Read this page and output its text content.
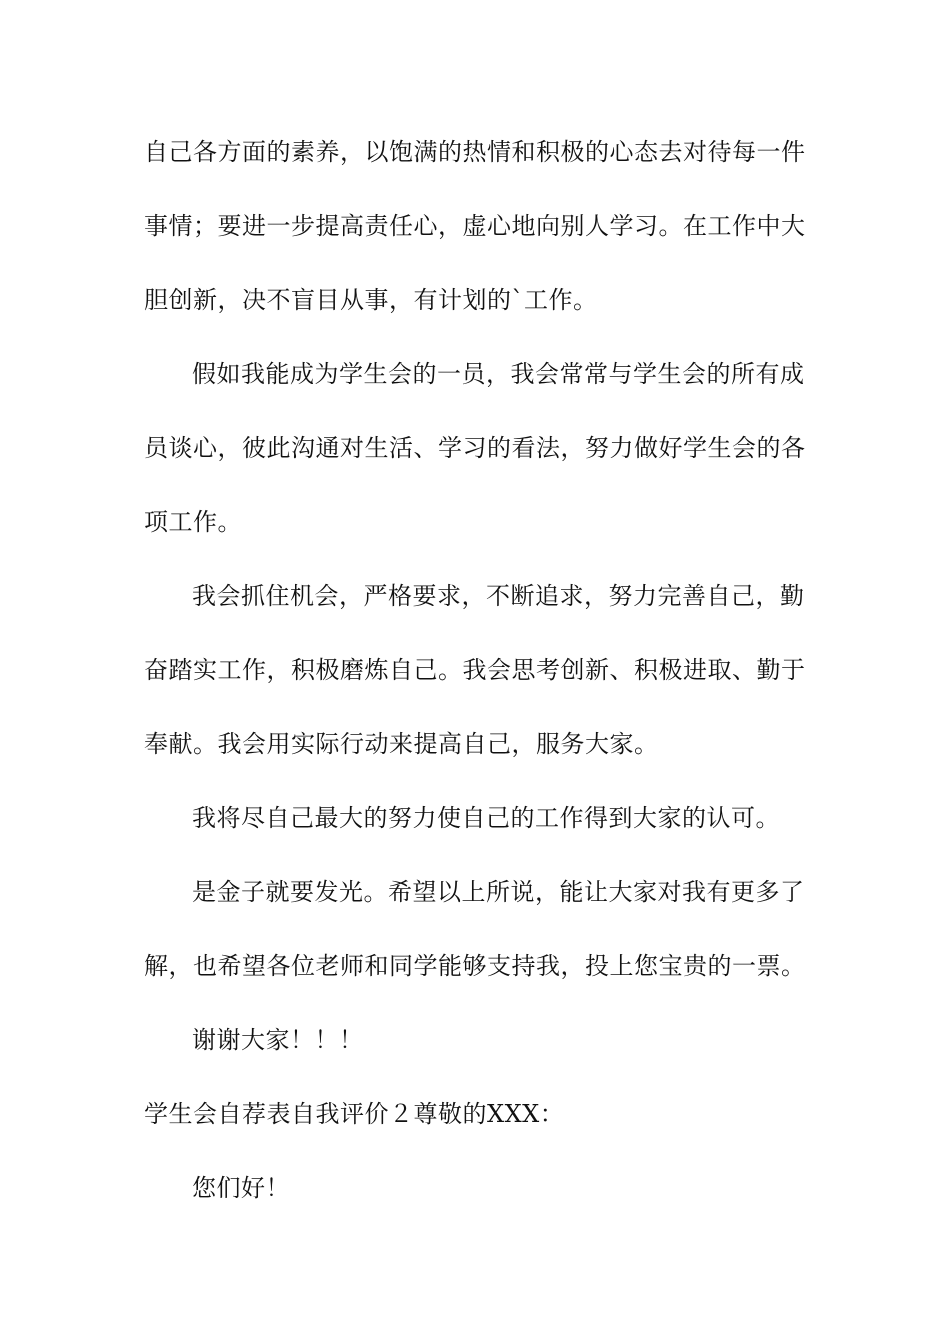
自己各方面的素养，以饱满的热情和积极的心态去对待每一件
事情；要进一步提高责任心，虚心地向别人学习。在工作中大
胆创新，决不盲目从事，有计划的`工作。
假如我能成为学生会的一员，我会常常与学生会的所有成
员谈心，彼此沟通对生活、学习的看法，努力做好学生会的各
项工作。
我会抓住机会，严格要求，不断追求，努力完善自己，勤
奋踏实工作，积极磨炼自己。我会思考创新、积极进取、勤于
奉献。我会用实际行动来提高自己，服务大家。
我将尽自己最大的努力使自己的工作得到大家的认可。
是金子就要发光。希望以上所说，能让大家对我有更多了
解，也希望各位老师和同学能够支持我，投上您宝贵的一票。
谢谢大家！！！
学生会自荐表自我评价２尊敬的XXX：
您们好！
